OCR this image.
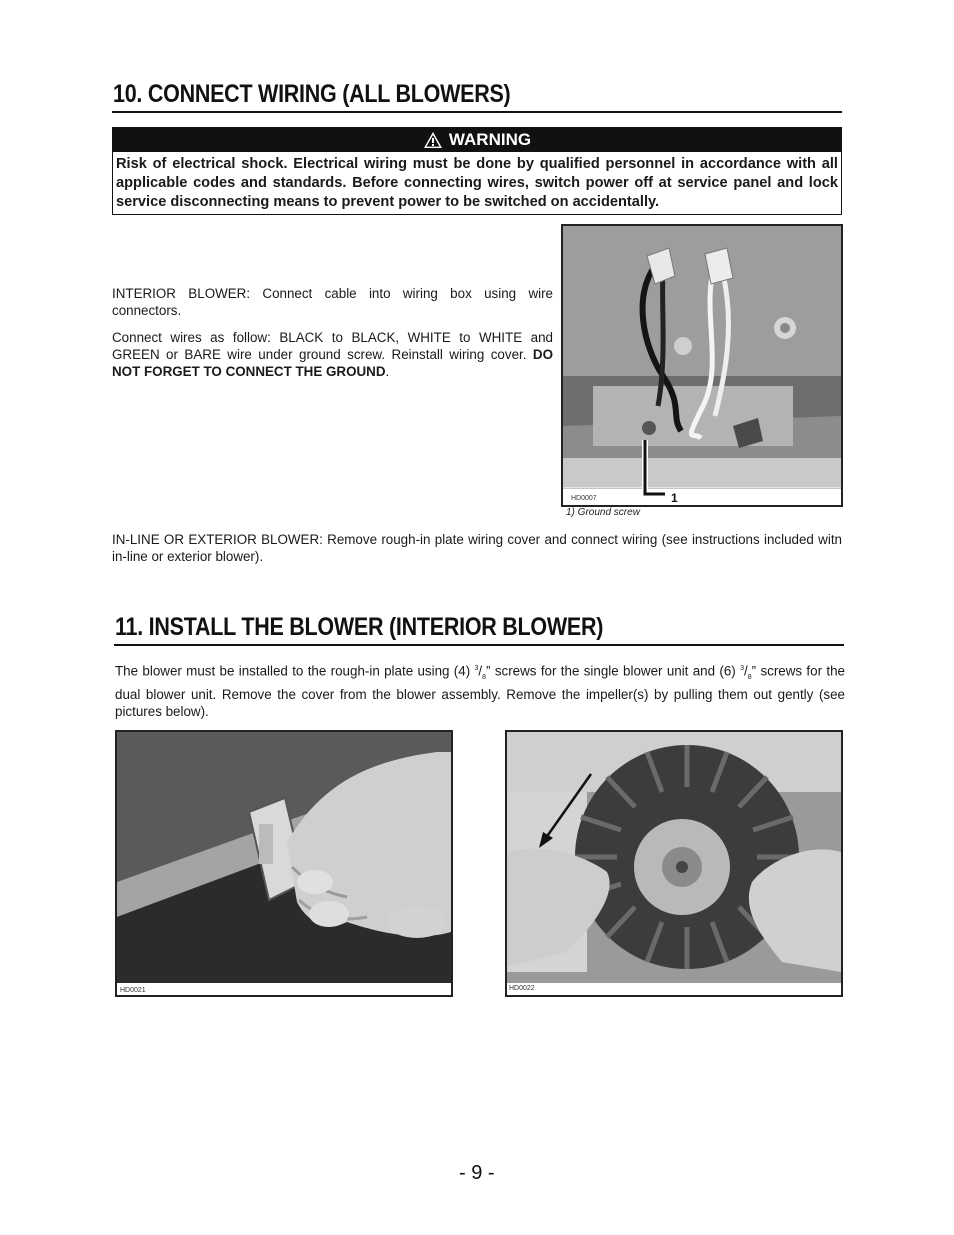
10. CONNECT WIRING (ALL BLOWERS)
WARNING
Risk of electrical shock. Electrical wiring must be done by qualified personnel in accordance with all applicable codes and standards. Before connecting wires, switch power off at service panel and lock service disconnecting means to prevent power to be switched on accidentally.

INTERIOR BLOWER: Connect cable into wiring box using wire connectors.

Connect wires as follow: BLACK to BLACK, WHITE to WHITE and GREEN or BARE wire under ground screw. Reinstall wiring cover. DO NOT FORGET TO CONNECT THE GROUND.

HD0007	1
1) Ground screw
IN-LINE OR EXTERIOR BLOWER: Remove rough-in plate wiring cover and connect wiring (see instructions included witn in-line or exterior blower).
11. INSTALL THE BLOWER (INTERIOR BLOWER)
The blower must be installed to the rough-in plate using (4) $^3/_8$” screws for the single blower unit and (6) $^3/_8$” screws for the dual blower unit. Remove the cover from the blower assembly. Remove the impeller(s) by pulling them out gently (see pictures below).
HD0021	HD0022
- 9 -
